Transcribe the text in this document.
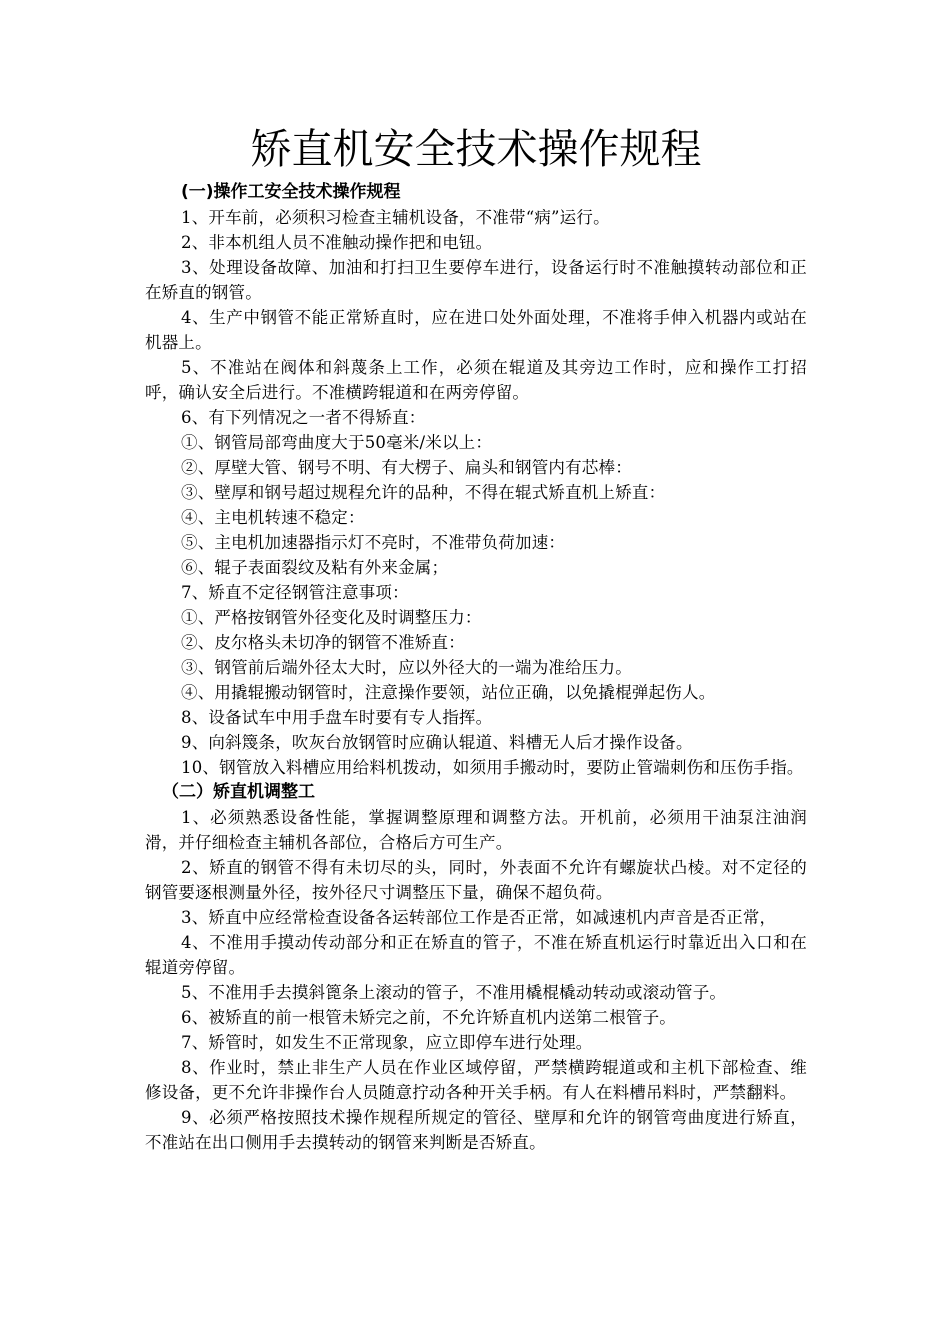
矫直机安全技术操作规程

(一)操作工安全技术操作规程

1、开车前，必须积习检查主辅机设备，不准带“病”运行。

2、非本机组人员不准触动操作把和电钮。

3、处理设备故障、加油和打扫卫生要停车进行，设备运行时不准触摸转动部位和正在矫直的钢管。

4、生产中钢管不能正常矫直时，应在进口处外面处理，不准将手伸入机器内或站在机器上。

5、不准站在阀体和斜蔑条上工作，必须在辊道及其旁边工作时，应和操作工打招呼，确认安全后进行。不准横跨辊道和在两旁停留。

6、有下列情况之一者不得矫直：

①、钢管局部弯曲度大于50毫米/米以上：

②、厚壁大管、钢号不明、有大楞子、扁头和钢管内有芯棒：

③、壁厚和钢号超过规程允许的品种，不得在辊式矫直机上矫直：

④、主电机转速不稳定：

⑤、主电机加速器指示灯不亮时，不准带负荷加速：

⑥、辊子表面裂纹及粘有外来金属；

7、矫直不定径钢管注意事项：

①、严格按钢管外径变化及时调整压力：

②、皮尔格头未切净的钢管不准矫直：

③、钢管前后端外径太大时，应以外径大的一端为准给压力。

④、用撬辊搬动钢管时，注意操作要领，站位正确，以免撬棍弹起伤人。

8、设备试车中用手盘车时要有专人指挥。

9、向斜篾条，吹灰台放钢管时应确认辊道、料槽无人后才操作设备。

10、钢管放入料槽应用给料机拨动，如须用手搬动时，要防止管端刺伤和压伤手指。

（二）矫直机调整工

1、必须熟悉设备性能，掌握调整原理和调整方法。开机前，必须用干油泵注油润滑，并仔细检查主辅机各部位，合格后方可生产。

2、矫直的钢管不得有未切尽的头，同时，外表面不允许有螺旋状凸棱。对不定径的钢管要逐根测量外径，按外径尺寸调整压下量，确保不超负荷。

3、矫直中应经常检查设备各运转部位工作是否正常，如减速机内声音是否正常，

4、不准用手摸动传动部分和正在矫直的管子，不准在矫直机运行时靠近出入口和在辊道旁停留。

5、不准用手去摸斜篦条上滚动的管子，不准用橇棍橇动转动或滚动管子。

6、被矫直的前一根管未矫完之前，不允许矫直机内送第二根管子。

7、矫管时，如发生不正常现象，应立即停车进行处理。

8、作业时，禁止非生产人员在作业区域停留，严禁横跨辊道或和主机下部检查、维修设备，更不允许非操作台人员随意拧动各种开关手柄。有人在料槽吊料时，严禁翻料。

9、必须严格按照技术操作规程所规定的管径、壁厚和允许的钢管弯曲度进行矫直，不准站在出口侧用手去摸转动的钢管来判断是否矫直。
